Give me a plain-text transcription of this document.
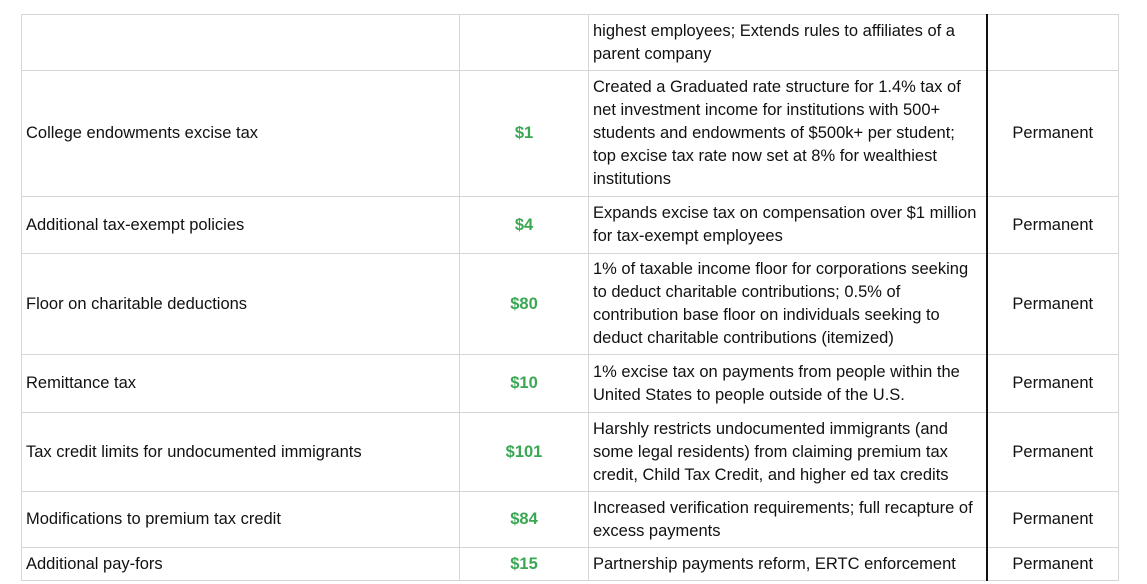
		highest employees; Extends rules to affiliates of a parent company	
College endowments excise tax	$1	Created a Graduated rate structure for 1.4% tax of net investment income for institutions with 500+ students and endowments of $500k+ per student; top excise tax rate now set at 8% for wealthiest institutions	Permanent
Additional tax-exempt policies	$4	Expands excise tax on compensation over $1 million for tax-exempt employees	Permanent
Floor on charitable deductions	$80	1% of taxable income floor for corporations seeking to deduct charitable contributions; 0.5% of contribution base floor on individuals seeking to deduct charitable contributions (itemized)	Permanent
Remittance tax	$10	1% excise tax on payments from people within the United States to people outside of the U.S.	Permanent
Tax credit limits for undocumented immigrants	$101	Harshly restricts undocumented immigrants (and some legal residents) from claiming premium tax credit, Child Tax Credit, and higher ed tax credits	Permanent
Modifications to premium tax credit	$84	Increased verification requirements; full recapture of excess payments	Permanent
Additional pay-fors	$15	Partnership payments reform, ERTC enforcement	Permanent
